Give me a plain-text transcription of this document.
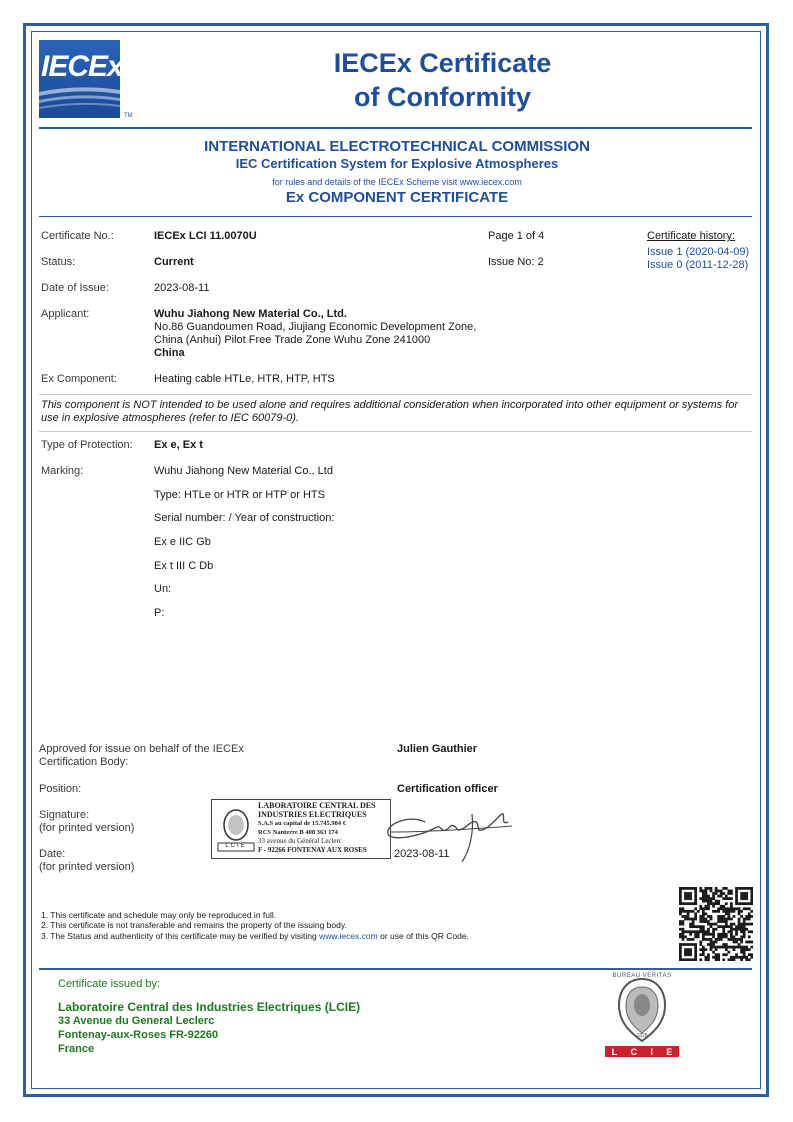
IECEx
TM
IECEx Certificate
of Conformity
INTERNATIONAL ELECTROTECHNICAL COMMISSION
IEC Certification System for Explosive Atmospheres
for rules and details of the IECEx Scheme visit www.iecex.com
Ex COMPONENT CERTIFICATE
Certificate No.:	IECEx LCI 11.0070U	Page 1 of 4	Certificate history:
Issue 1 (2020-04-09)
Issue 0 (2011-12-28)
Status:	Current	Issue No: 2
Date of Issue:	2023-08-11
Applicant:	Wuhu Jiahong New Material Co., Ltd.
No.86 Guandoumen Road, Jiujiang Economic Development Zone,
China (Anhui) Pilot Free Trade Zone Wuhu Zone 241000
China
Ex Component:	Heating cable HTLe, HTR, HTP, HTS
This component is NOT intended to be used alone and requires additional consideration when incorporated into other equipment or systems for use in explosive atmospheres (refer to IEC 60079-0).
Type of Protection: Ex e, Ex t
Marking:	Wuhu Jiahong New Material Co., Ltd
Type: HTLe or HTR or HTP or HTS
Serial number: / Year of construction:
Ex e IIC Gb
Ex t III C Db
Un:
P:
Approved for issue on behalf of the IECEx
Certification Body:
Julien Gauthier
Position:	Certification officer
Signature:
(for printed version)
Date:
(for printed version)
LCIE
LABORATOIRE CENTRAL DES
INDUSTRIES ELECTRIQUES
S.A.S au capital de 15.745.984 €
RCS Nanterre B 408 363 174
33 avenue du Général Leclerc
F - 92266 FONTENAY AUX ROSES	2023-08-11
1. This certificate and schedule may only be reproduced in full.
2. This certificate is not transferable and remains the property of the issuing body.
3. The Status and authenticity of this certificate may be verified by visiting www.iecex.com or use of this QR Code.
Certificate issued by:
Laboratoire Central des Industries Electriques (LCIE)
33 Avenue du General Leclerc
Fontenay-aux-Roses FR-92260
France
BUREAU VERITAS
1828
L C I E
